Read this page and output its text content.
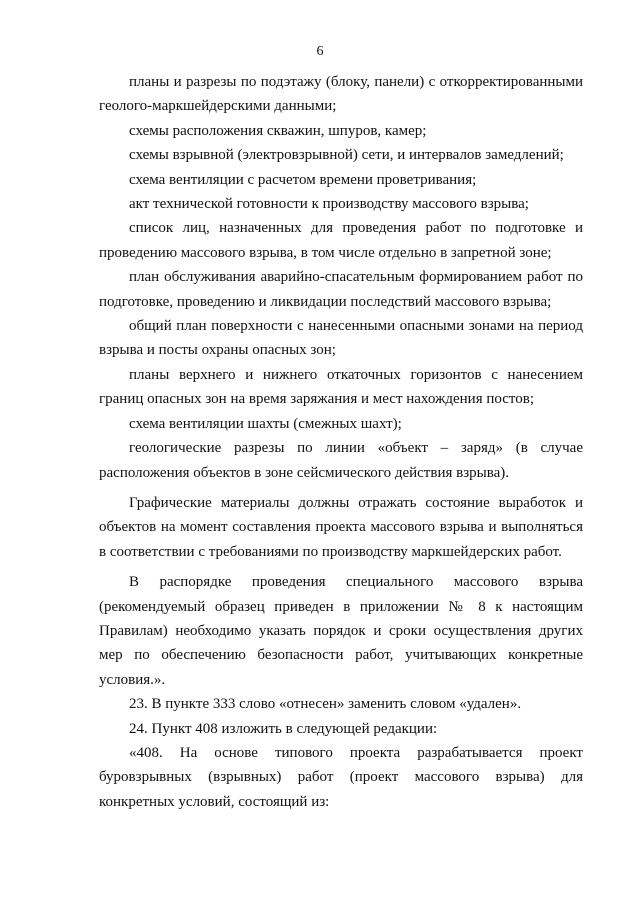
6

планы и разрезы по подэтажу (блоку, панели) с откорректированными геолого-маркшейдерскими данными;

схемы расположения скважин, шпуров, камер;

схемы взрывной (электровзрывной) сети, и интервалов замедлений;

схема вентиляции с расчетом времени проветривания;

акт технической готовности к производству массового взрыва;

список лиц, назначенных для проведения работ по подготовке и проведению массового взрыва, в том числе отдельно в запретной зоне;

план обслуживания аварийно-спасательным формированием работ по подготовке, проведению и ликвидации последствий массового взрыва;

общий план поверхности с нанесенными опасными зонами на период взрыва и посты охраны опасных зон;

планы верхнего и нижнего откаточных горизонтов с нанесением границ опасных зон на время заряжания и мест нахождения постов;

схема вентиляции шахты (смежных шахт);

геологические разрезы по линии «объект – заряд» (в случае расположения объектов в зоне сейсмического действия взрыва).

Графические материалы должны отражать состояние выработок и объектов на момент составления проекта массового взрыва и выполняться в соответствии с требованиями по производству маркшейдерских работ.

В распорядке проведения специального массового взрыва (рекомендуемый образец приведен в приложении № 8 к настоящим Правилам) необходимо указать порядок и сроки осуществления других мер по обеспечению безопасности работ, учитывающих конкретные условия.».

23. В пункте 333 слово «отнесен» заменить словом «удален».

24. Пункт 408 изложить в следующей редакции:

«408. На основе типового проекта разрабатывается проект буровзрывных (взрывных) работ (проект массового взрыва) для конкретных условий, состоящий из:
